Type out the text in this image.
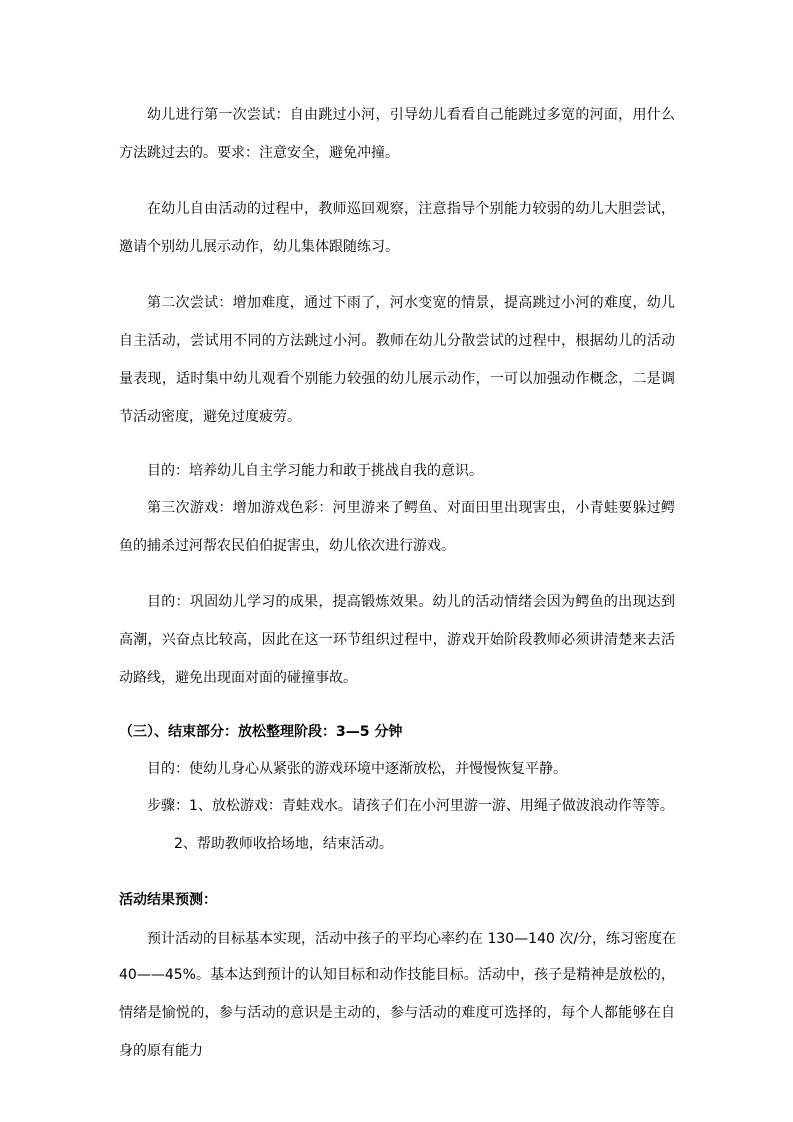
幼儿进行第一次尝试：自由跳过小河，引导幼儿看看自己能跳过多宽的河面，用什么方法跳过去的。要求：注意安全，避免冲撞。

在幼儿自由活动的过程中，教师巡回观察，注意指导个别能力较弱的幼儿大胆尝试，邀请个别幼儿展示动作，幼儿集体跟随练习。

第二次尝试：增加难度，通过下雨了，河水变宽的情景，提高跳过小河的难度，幼儿自主活动，尝试用不同的方法跳过小河。教师在幼儿分散尝试的过程中，根据幼儿的活动量表现，适时集中幼儿观看个别能力较强的幼儿展示动作，一可以加强动作概念，二是调节活动密度，避免过度疲劳。

目的：培养幼儿自主学习能力和敢于挑战自我的意识。

第三次游戏：增加游戏色彩：河里游来了鳄鱼、对面田里出现害虫，小青蛙要躲过鳄鱼的捕杀过河帮农民伯伯捉害虫，幼儿依次进行游戏。

目的：巩固幼儿学习的成果，提高锻炼效果。幼儿的活动情绪会因为鳄鱼的出现达到高潮，兴奋点比较高，因此在这一环节组织过程中，游戏开始阶段教师必须讲清楚来去活动路线，避免出现面对面的碰撞事故。

（三）、结束部分：放松整理阶段：3—5 分钟
目的：使幼儿身心从紧张的游戏环境中逐渐放松，并慢慢恢复平静。
步骤：1、放松游戏：青蛙戏水。请孩子们在小河里游一游、用绳子做波浪动作等等。
2、帮助教师收拾场地，结束活动。
活动结果预测：
预计活动的目标基本实现，活动中孩子的平均心率约在 130—140 次/分，练习密度在

40——45%。基本达到预计的认知目标和动作技能目标。活动中，孩子是精神是放松的，情绪是愉悦的，参与活动的意识是主动的，参与活动的难度可选择的，每个人都能够在自身的原有能力
